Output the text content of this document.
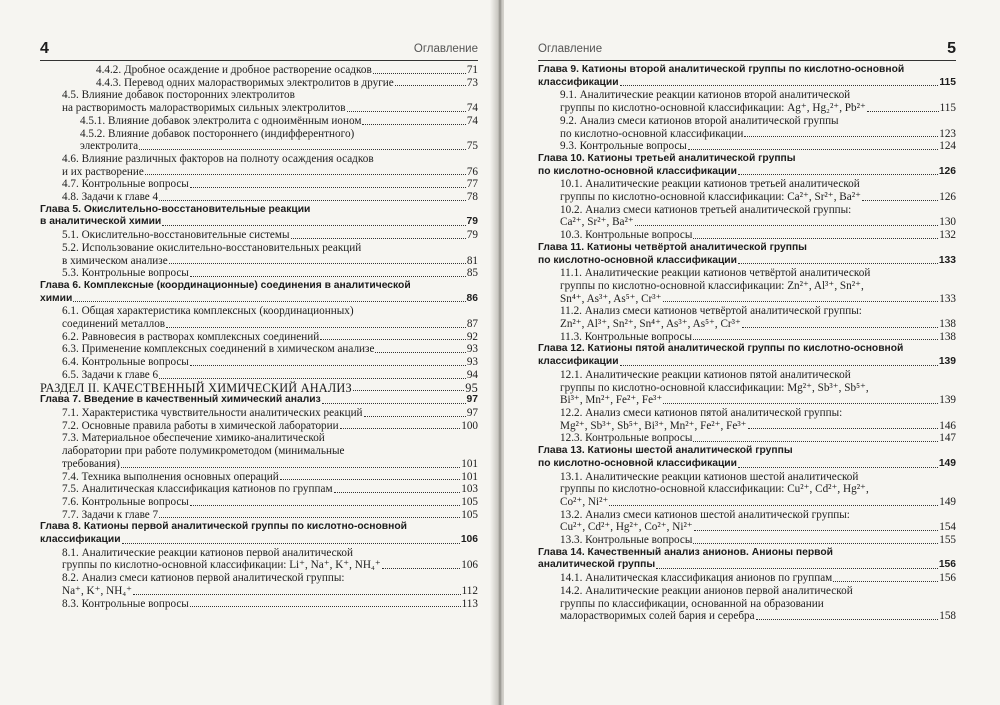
4	Оглавление
4.4.2. Дробное осаждение и дробное растворение осадков	71
4.4.3. Перевод одних малорастворимых электролитов в другие	73
4.5. Влияние добавок посторонних электролитов
на растворимость малорастворимых сильных электролитов	74
4.5.1. Влияние добавок электролита с одноимённым ионом	74
4.5.2. Влияние добавок постороннего (индифферентного)
электролита	75
4.6. Влияние различных факторов на полноту осаждения осадков
и их растворение	76
4.7. Контрольные вопросы	77
4.8. Задачи к главе 4	78
Глава 5. Окислительно-восстановительные реакции
в аналитической химии	79
5.1. Окислительно-восстановительные системы	79
5.2. Использование окислительно-восстановительных реакций
в химическом анализе	81
5.3. Контрольные вопросы	85
Глава 6. Комплексные (координационные) соединения в аналитической
химии	86
6.1. Общая характеристика комплексных (координационных)
соединений металлов	87
6.2. Равновесия в растворах комплексных соединений	92
6.3. Применение комплексных соединений в химическом анализе	93
6.4. Контрольные вопросы	93
6.5. Задачи к главе 6	94
РАЗДЕЛ II. КАЧЕСТВЕННЫЙ ХИМИЧЕСКИЙ АНАЛИЗ	95
Глава 7. Введение в качественный химический анализ	97
7.1. Характеристика чувствительности аналитических реакций	97
7.2. Основные правила работы в химической лаборатории	100
7.3. Материальное обеспечение химико-аналитической
лаборатории при работе полумикрометодом (минимальные
требования)	101
7.4. Техника выполнения основных операций	101
7.5. Аналитическая классификация катионов по группам	103
7.6. Контрольные вопросы	105
7.7. Задачи к главе 7	105
Глава 8. Катионы первой аналитической группы по кислотно-основной
классификации	106
8.1. Аналитические реакции катионов первой аналитической
группы по кислотно-основной классификации: Li⁺, Na⁺, K⁺, NH₄⁺	106
8.2. Анализ смеси катионов первой аналитической группы:
Na⁺, K⁺, NH₄⁺	112
8.3. Контрольные вопросы	113
Оглавление	5
Глава 9. Катионы второй аналитической группы по кислотно-основной
классификации	115
9.1. Аналитические реакции катионов второй аналитической
группы по кислотно-основной классификации: Ag⁺, Hg₂²⁺, Pb²⁺	115
9.2. Анализ смеси катионов второй аналитической группы
по кислотно-основной классификации	123
9.3. Контрольные вопросы	124
Глава 10. Катионы третьей аналитической группы
по кислотно-основной классификации	126
10.1. Аналитические реакции катионов третьей аналитической
группы по кислотно-основной классификации: Ca²⁺, Sr²⁺, Ba²⁺	126
10.2. Анализ смеси катионов третьей аналитической группы:
Ca²⁺, Sr²⁺, Ba²⁺	130
10.3. Контрольные вопросы	132
Глава 11. Катионы четвёртой аналитической группы
по кислотно-основной классификации	133
11.1. Аналитические реакции катионов четвёртой аналитической
группы по кислотно-основной классификации: Zn²⁺, Al³⁺, Sn²⁺,
Sn⁴⁺, As³⁺, As⁵⁺, Cr³⁺	133
11.2. Анализ смеси катионов четвёртой аналитической группы:
Zn²⁺, Al³⁺, Sn²⁺, Sn⁴⁺, As³⁺, As⁵⁺, Cr³⁺	138
11.3. Контрольные вопросы	138
Глава 12. Катионы пятой аналитической группы по кислотно-основной
классификации	139
12.1. Аналитические реакции катионов пятой аналитической
группы по кислотно-основной классификации: Mg²⁺, Sb³⁺, Sb⁵⁺,
Bi³⁺, Mn²⁺, Fe²⁺, Fe³⁺	139
12.2. Анализ смеси катионов пятой аналитической группы:
Mg²⁺, Sb³⁺, Sb⁵⁺, Bi³⁺, Mn²⁺, Fe²⁺, Fe³⁺	146
12.3. Контрольные вопросы	147
Глава 13. Катионы шестой аналитической группы
по кислотно-основной классификации	149
13.1. Аналитические реакции катионов шестой аналитической
группы по кислотно-основной классификации: Cu²⁺, Cd²⁺, Hg²⁺,
Co²⁺, Ni²⁺	149
13.2. Анализ смеси катионов шестой аналитической группы:
Cu²⁺, Cd²⁺, Hg²⁺, Co²⁺, Ni²⁺	154
13.3. Контрольные вопросы	155
Глава 14. Качественный анализ анионов. Анионы первой
аналитической группы	156
14.1. Аналитическая классификация анионов по группам	156
14.2. Аналитические реакции анионов первой аналитической
группы по классификации, основанной на образовании
малорастворимых солей бария и серебра	158
